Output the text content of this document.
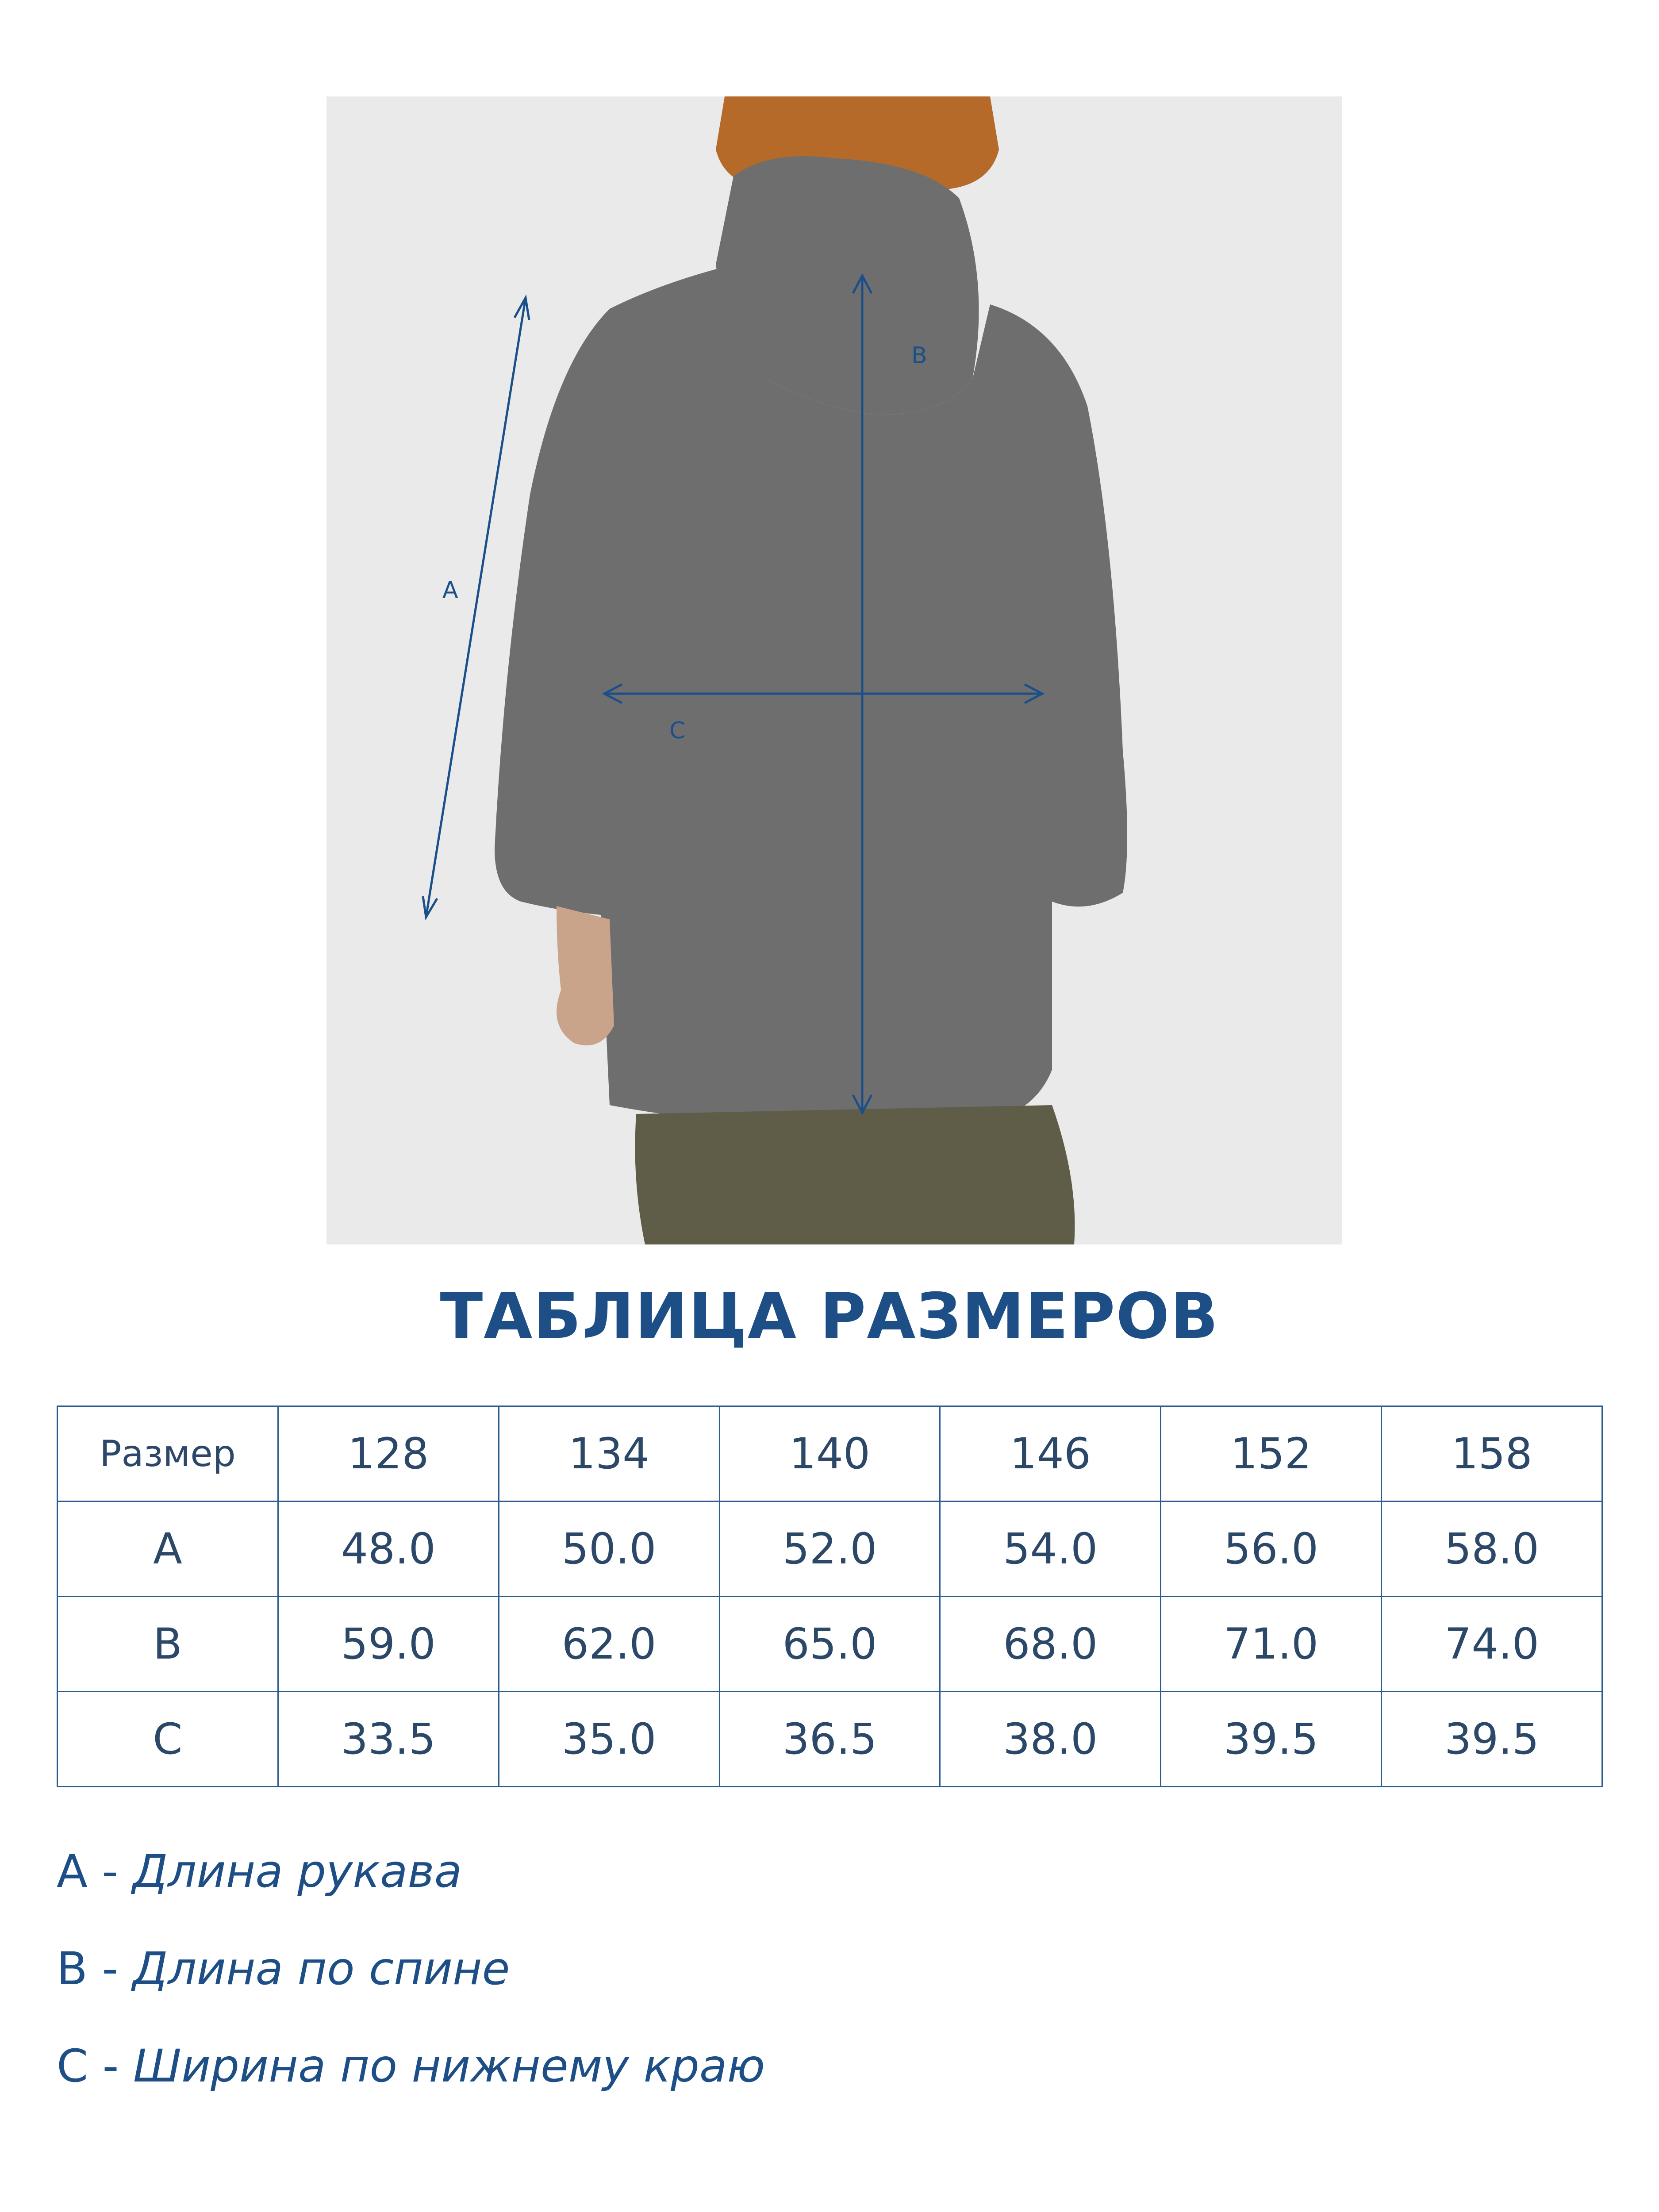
A
B
C
ТАБЛИЦА РАЗМЕРОВ
Размер	128	134	140	146	152	158
A	48.0	50.0	52.0	54.0	56.0	58.0
B	59.0	62.0	65.0	68.0	71.0	74.0
C	33.5	35.0	36.5	38.0	39.5	39.5
A - Длина рукава
B - Длина по спине
C - Ширина по нижнему краю
